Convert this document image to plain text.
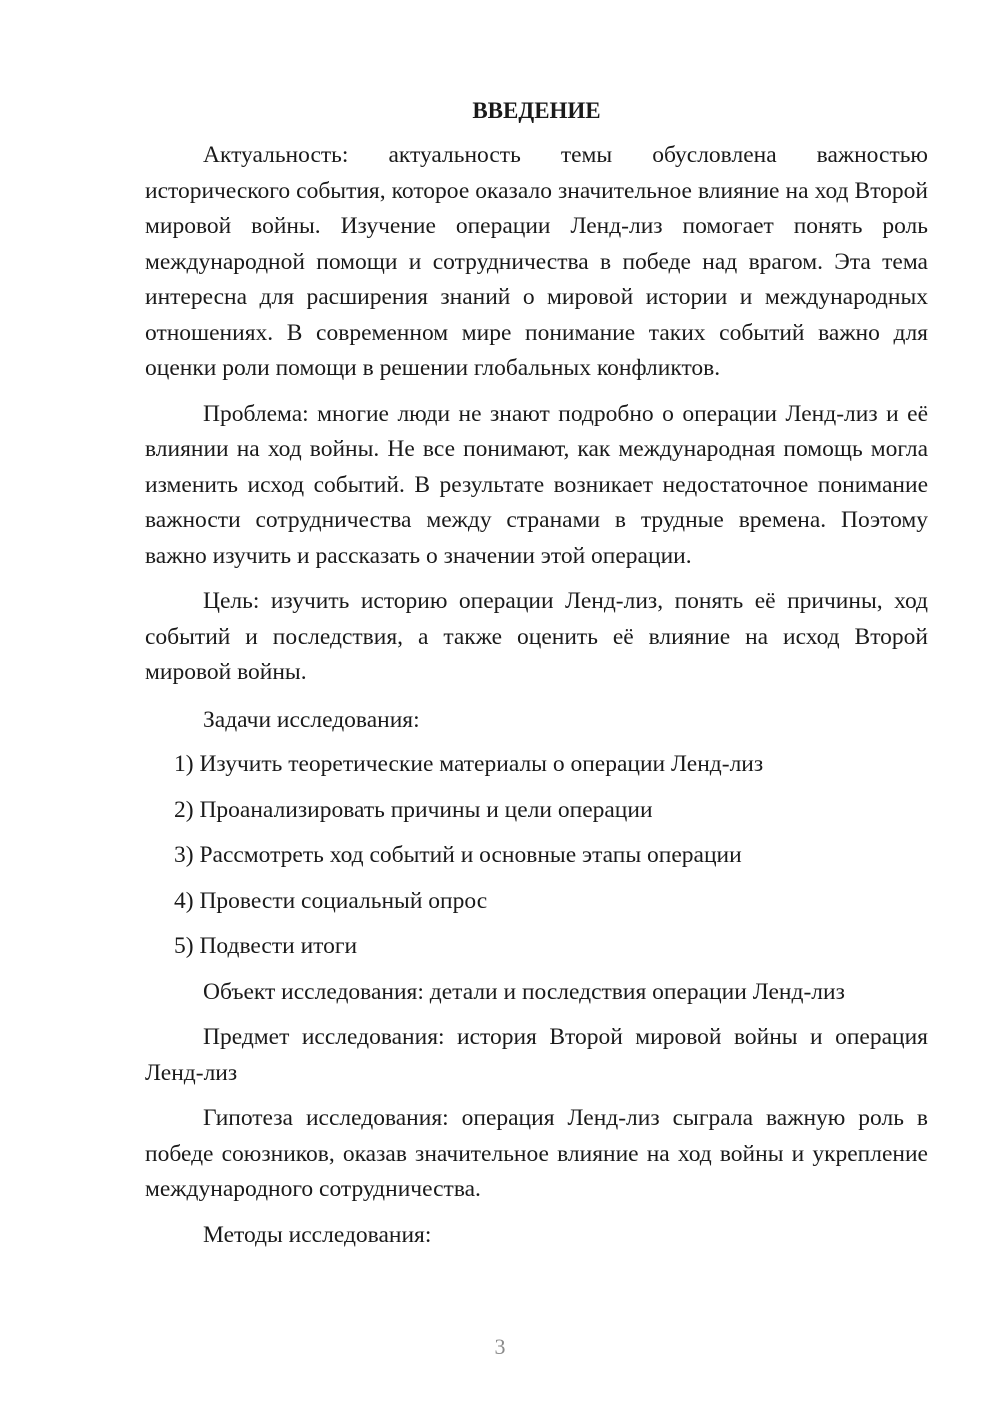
ВВЕДЕНИЕ

Актуальность: актуальность темы обусловлена важностью исторического события, которое оказало значительное влияние на ход Второй мировой войны. Изучение операции Ленд-лиз помогает понять роль международной помощи и сотрудничества в победе над врагом. Эта тема интересна для расширения знаний о мировой истории и международных отношениях. В современном мире понимание таких событий важно для оценки роли помощи в решении глобальных конфликтов.

Проблема: многие люди не знают подробно о операции Ленд-лиз и её влиянии на ход войны. Не все понимают, как международная помощь могла изменить исход событий. В результате возникает недостаточное понимание важности сотрудничества между странами в трудные времена. Поэтому важно изучить и рассказать о значении этой операции.

Цель: изучить историю операции Ленд-лиз, понять её причины, ход событий и последствия, а также оценить её влияние на исход Второй мировой войны.

Задачи исследования:

1) Изучить теоретические материалы о операции Ленд-лиз
2) Проанализировать причины и цели операции
3) Рассмотреть ход событий и основные этапы операции
4) Провести социальный опрос
5) Подвести итоги

Объект исследования: детали и последствия операции Ленд-лиз

Предмет исследования: история Второй мировой войны и операция Ленд-лиз

Гипотеза исследования: операция Ленд-лиз сыграла важную роль в победе союзников, оказав значительное влияние на ход войны и укрепление международного сотрудничества.

Методы исследования:

3
